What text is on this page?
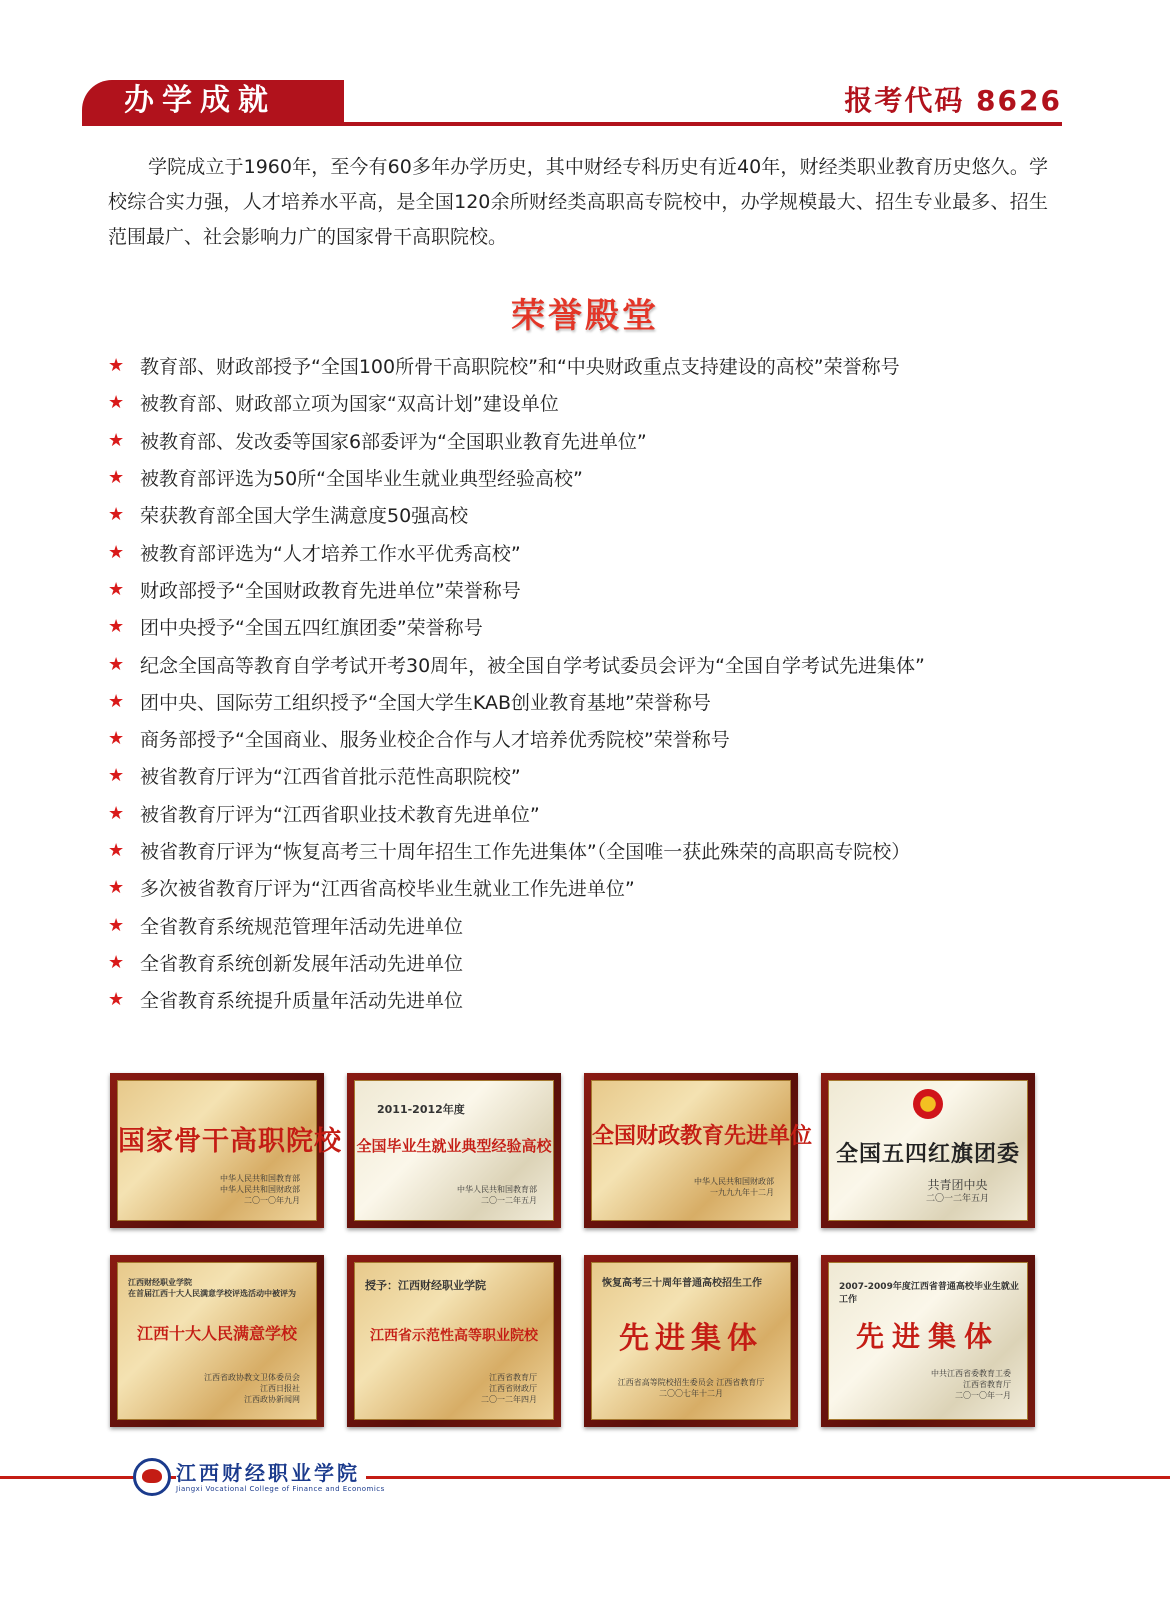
办学成就	报考代码 8626

学院成立于1960年，至今有60多年办学历史，其中财经专科历史有近40年，财经类职业教育历史悠久。学校综合实力强，人才培养水平高，是全国120余所财经类高职高专院校中，办学规模最大、招生专业最多、招生范围最广、社会影响力广的国家骨干高职院校。

荣誉殿堂
★ 教育部、财政部授予“全国100所骨干高职院校”和“中央财政重点支持建设的高校”荣誉称号
★ 被教育部、财政部立项为国家“双高计划”建设单位
★ 被教育部、发改委等国家6部委评为“全国职业教育先进单位”
★ 被教育部评选为50所“全国毕业生就业典型经验高校”
★ 荣获教育部全国大学生满意度50强高校
★ 被教育部评选为“人才培养工作水平优秀高校”
★ 财政部授予“全国财政教育先进单位”荣誉称号
★ 团中央授予“全国五四红旗团委”荣誉称号
★ 纪念全国高等教育自学考试开考30周年，被全国自学考试委员会评为“全国自学考试先进集体”
★ 团中央、国际劳工组织授予“全国大学生KAB创业教育基地”荣誉称号
★ 商务部授予“全国商业、服务业校企合作与人才培养优秀院校”荣誉称号
★ 被省教育厅评为“江西省首批示范性高职院校”
★ 被省教育厅评为“江西省职业技术教育先进单位”
★ 被省教育厅评为“恢复高考三十周年招生工作先进集体”（全国唯一获此殊荣的高职高专院校）
★ 多次被省教育厅评为“江西省高校毕业生就业工作先进单位”
★ 全省教育系统规范管理年活动先进单位
★ 全省教育系统创新发展年活动先进单位
★ 全省教育系统提升质量年活动先进单位
国家骨干高职院校
中华人民共和国教育部
中华人民共和国财政部
二〇一〇年九月
2011-2012年度
全国毕业生就业典型经验高校
中华人民共和国教育部
二〇一二年五月
全国财政教育先进单位
中华人民共和国财政部
一九九九年十二月
全国五四红旗团委
共青团中央
二〇一二年五月
江西财经职业学院
在首届江西十大人民满意学校评选活动中被评为
江西十大人民满意学校
江西省政协教文卫体委员会
江西日报社
江西政协新闻网
授予：江西财经职业学院
江西省示范性高等职业院校
江西省教育厅
江西省财政厅
二〇一二年四月
恢复高考三十周年普通高校招生工作
先进集体
江西省高等院校招生委员会 江西省教育厅
二〇〇七年十二月
2007-2009年度江西省普通高校毕业生就业工作
先进集体
中共江西省委教育工委
江西省教育厅
二〇一〇年一月
江西财经职业学院
Jiangxi Vocational College of Finance and Economics
